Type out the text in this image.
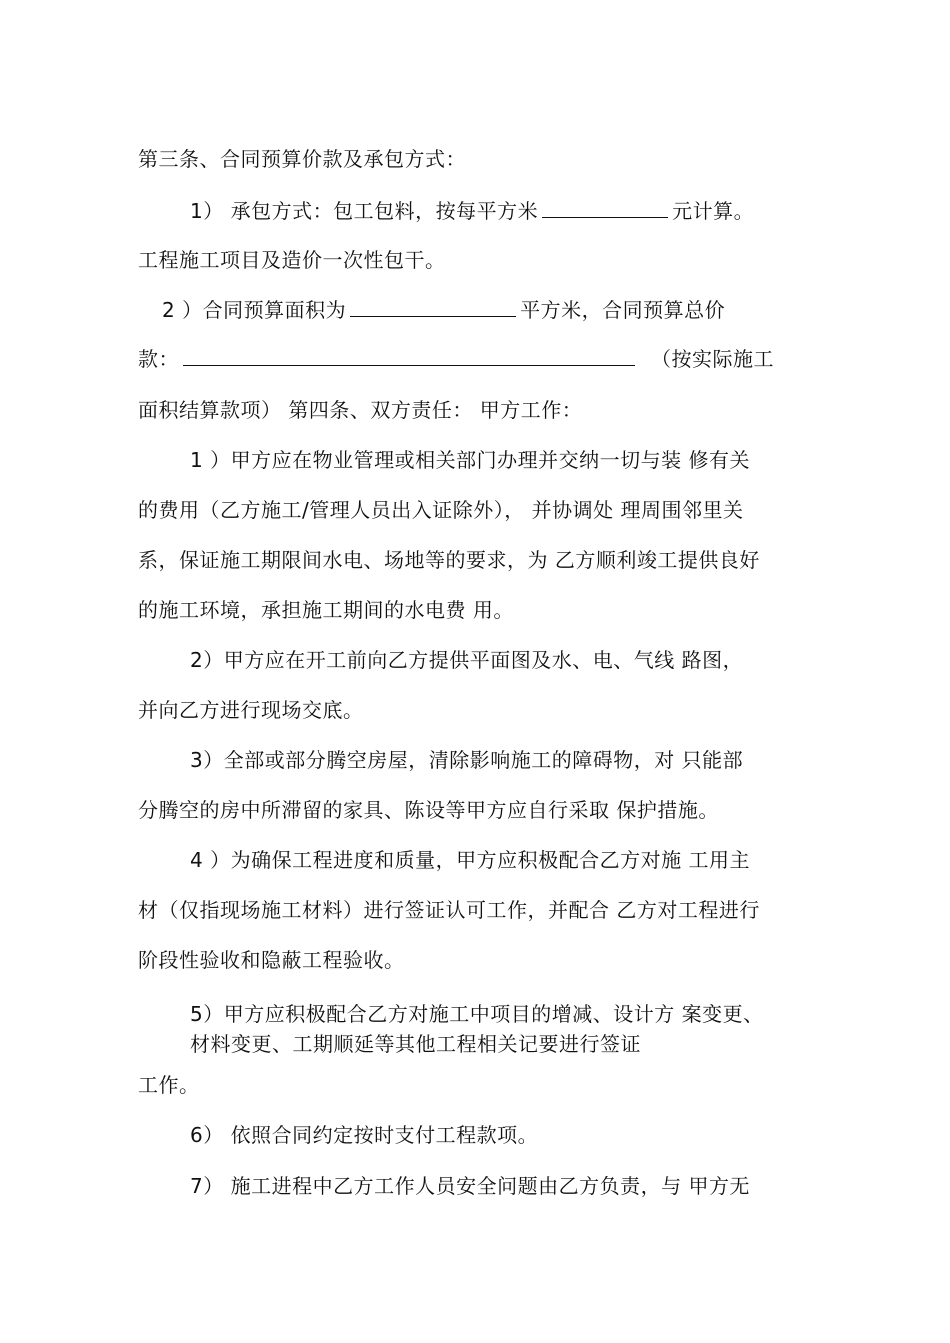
第三条、合同预算价款及承包方式：
1） 承包方式：包工包料，按每平方米	元计算。
工程施工项目及造价一次性包干。
2 ）合同预算面积为	平方米，合同预算总价
款：	（按实际施工
面积结算款项） 第四条、双方责任： 甲方工作：
1 ）甲方应在物业管理或相关部门办理并交纳一切与装 修有关
的费用（乙方施工/管理人员出入证除外）， 并协调处 理周围邻里关
系，保证施工期限间水电、场地等的要求，为 乙方顺利竣工提供良好
的施工环境，承担施工期间的水电费 用。
2）甲方应在开工前向乙方提供平面图及水、电、气线 路图，
并向乙方进行现场交底。
3）全部或部分腾空房屋，清除影响施工的障碍物，对 只能部
分腾空的房中所滞留的家具、陈设等甲方应自行采取 保护措施。
4 ）为确保工程进度和质量，甲方应积极配合乙方对施 工用主
材（仅指现场施工材料）进行签证认可工作，并配合 乙方对工程进行
阶段性验收和隐蔽工程验收。
5）甲方应积极配合乙方对施工中项目的增减、设计方 案变更、
材料变更、工期顺延等其他工程相关记要进行签证
工作。
6） 依照合同约定按时支付工程款项。
7） 施工进程中乙方工作人员安全问题由乙方负责，与 甲方无
